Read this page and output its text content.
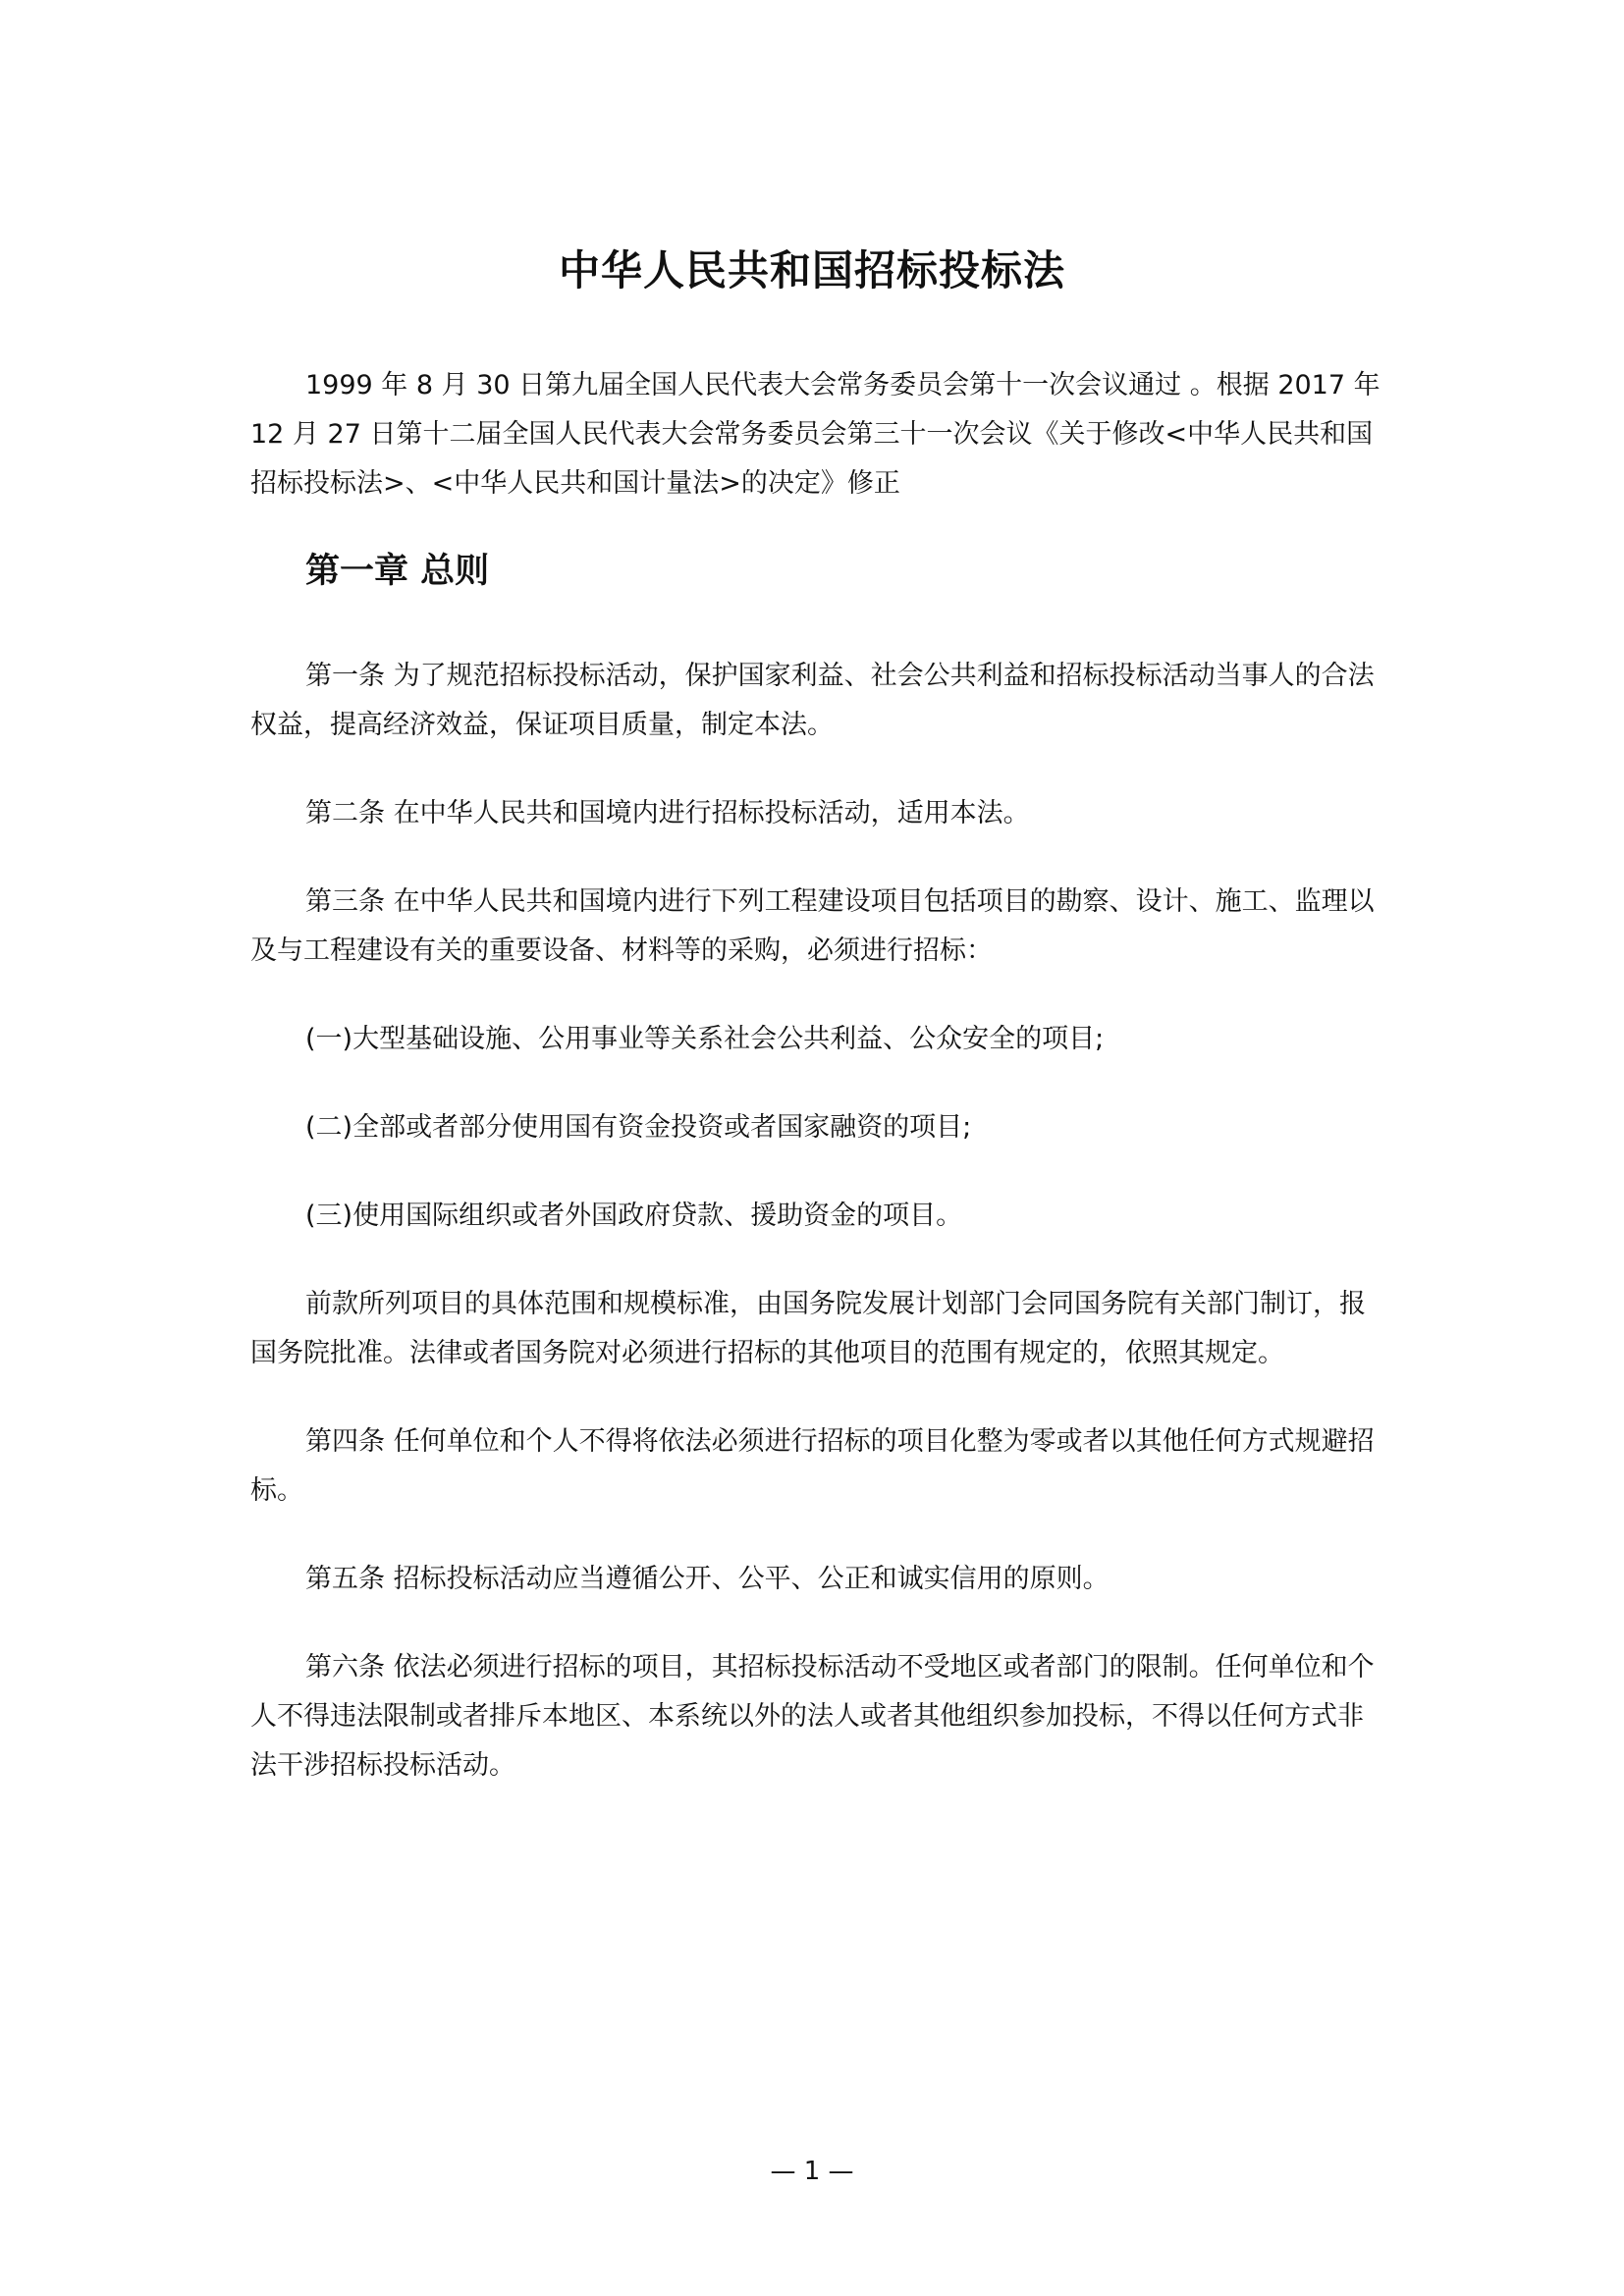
中华人民共和国招标投标法

1999 年 8 月 30 日第九届全国人民代表大会常务委员会第十一次会议通过 。根据 2017 年 12 月 27 日第十二届全国人民代表大会常务委员会第三十一次会议《关于修改<中华人民共和国招标投标法>、<中华人民共和国计量法>的决定》修正

第一章 总则

第一条 为了规范招标投标活动，保护国家利益、社会公共利益和招标投标活动当事人的合法权益，提高经济效益，保证项目质量，制定本法。

第二条 在中华人民共和国境内进行招标投标活动，适用本法。

第三条 在中华人民共和国境内进行下列工程建设项目包括项目的勘察、设计、施工、监理以及与工程建设有关的重要设备、材料等的采购，必须进行招标：

(一)大型基础设施、公用事业等关系社会公共利益、公众安全的项目;

(二)全部或者部分使用国有资金投资或者国家融资的项目;

(三)使用国际组织或者外国政府贷款、援助资金的项目。

前款所列项目的具体范围和规模标准，由国务院发展计划部门会同国务院有关部门制订，报国务院批准。法律或者国务院对必须进行招标的其他项目的范围有规定的，依照其规定。

第四条 任何单位和个人不得将依法必须进行招标的项目化整为零或者以其他任何方式规避招标。

第五条 招标投标活动应当遵循公开、公平、公正和诚实信用的原则。

第六条 依法必须进行招标的项目，其招标投标活动不受地区或者部门的限制。任何单位和个人不得违法限制或者排斥本地区、本系统以外的法人或者其他组织参加投标，不得以任何方式非法干涉招标投标活动。

— 1 —
